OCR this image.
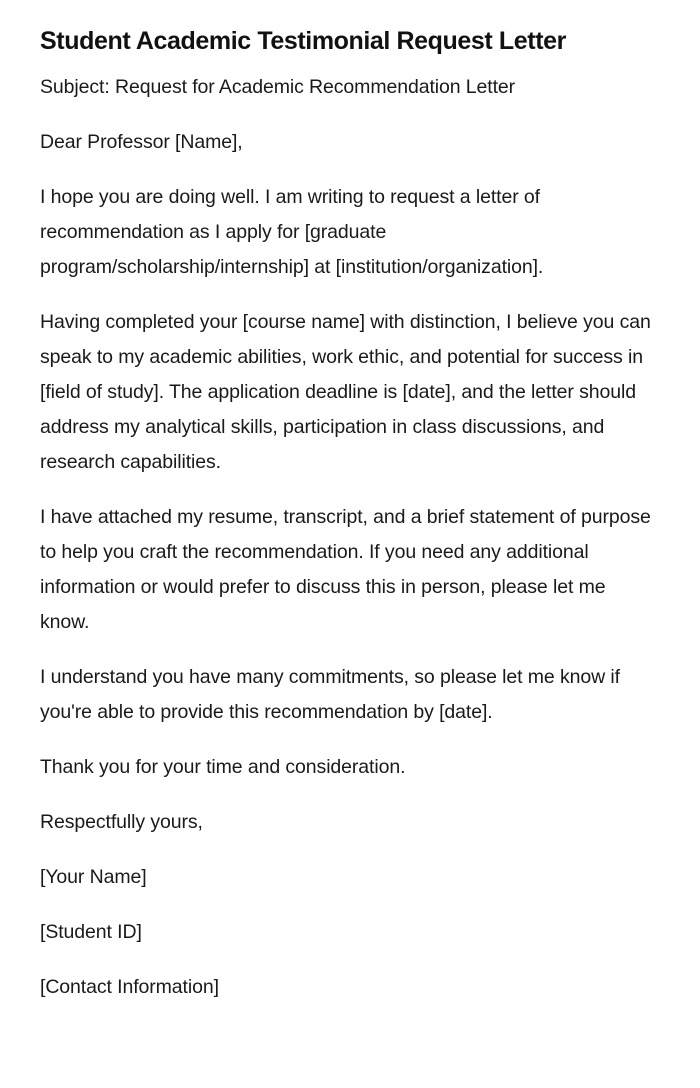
Student Academic Testimonial Request Letter

Subject: Request for Academic Recommendation Letter

Dear Professor [Name],

I hope you are doing well. I am writing to request a letter of recommendation as I apply for [graduate program/scholarship/internship] at [institution/organization].

Having completed your [course name] with distinction, I believe you can speak to my academic abilities, work ethic, and potential for success in [field of study]. The application deadline is [date], and the letter should address my analytical skills, participation in class discussions, and research capabilities.

I have attached my resume, transcript, and a brief statement of purpose to help you craft the recommendation. If you need any additional information or would prefer to discuss this in person, please let me know.

I understand you have many commitments, so please let me know if you're able to provide this recommendation by [date].

Thank you for your time and consideration.

Respectfully yours,

[Your Name]

[Student ID]

[Contact Information]
